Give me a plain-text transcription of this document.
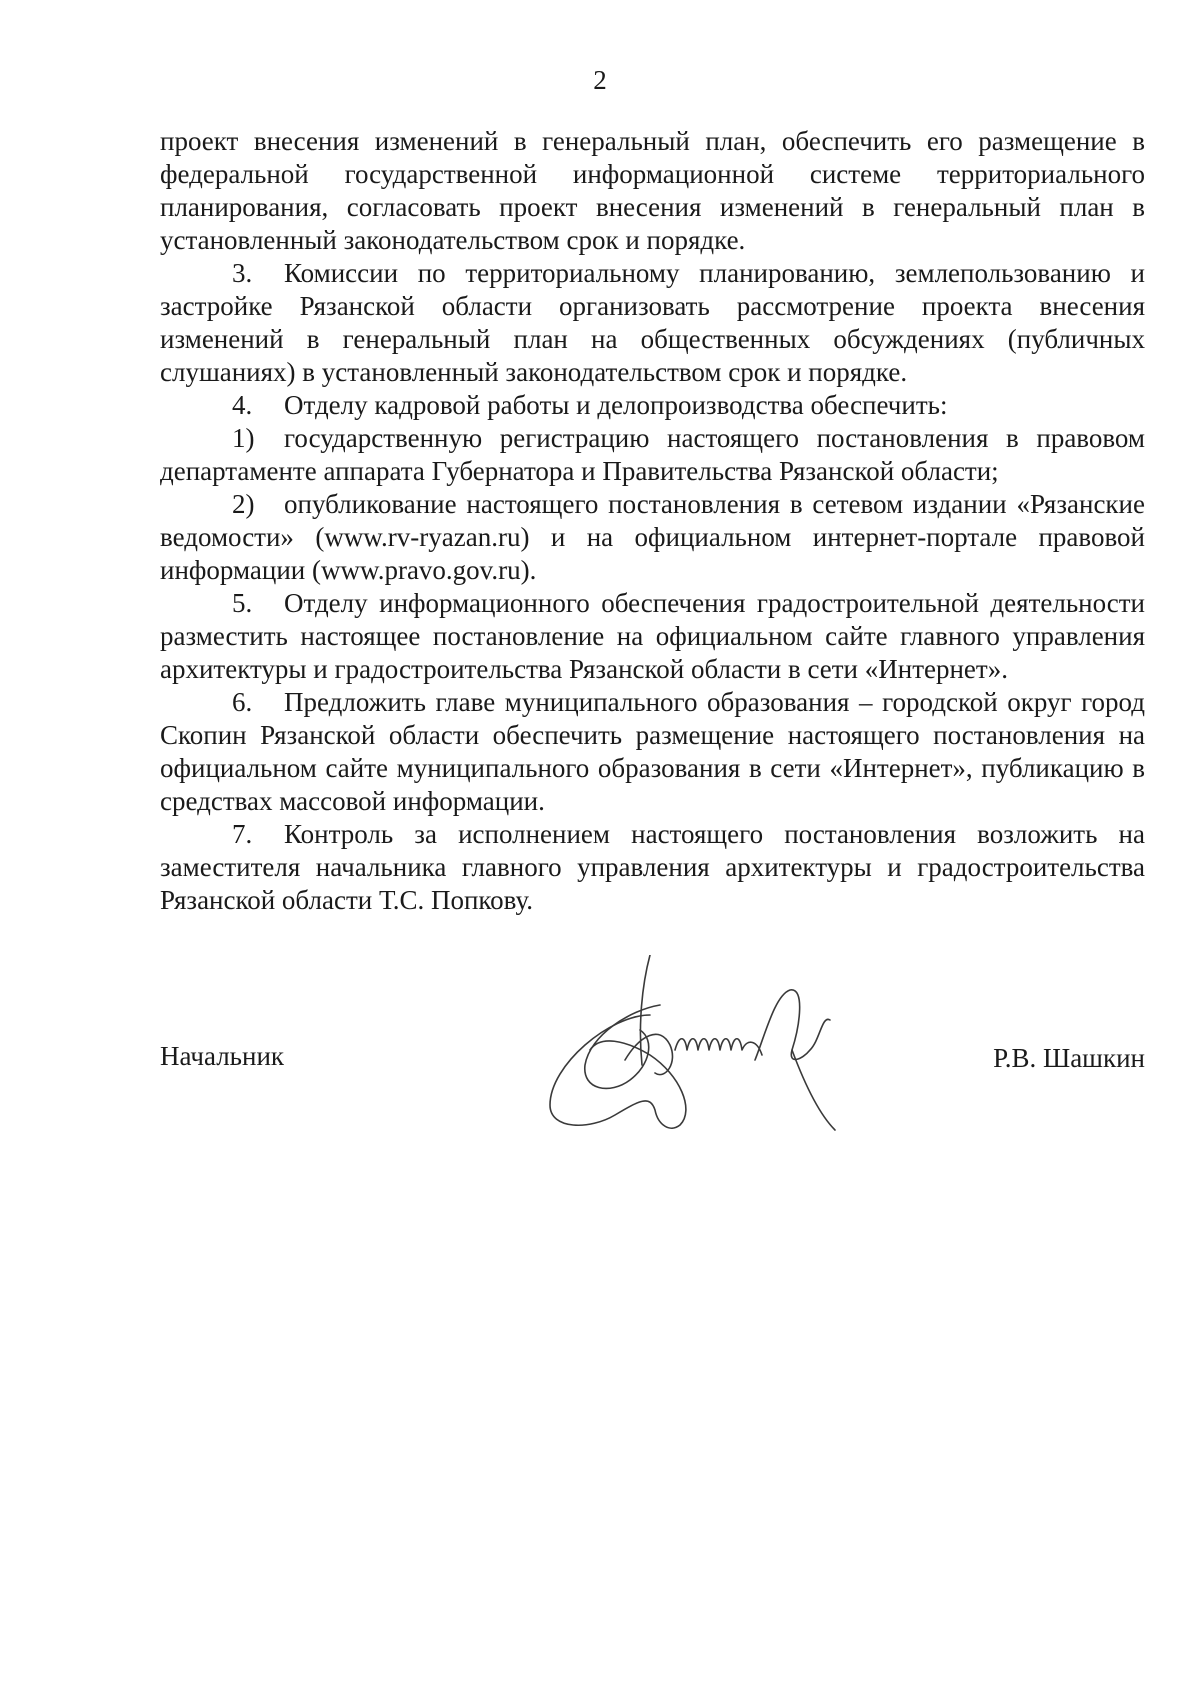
2

проект внесения изменений в генеральный план, обеспечить его размещение в федеральной государственной информационной системе территориального планирования, согласовать проект внесения изменений в генеральный план в установленный законодательством срок и порядке.

3. Комиссии по территориальному планированию, землепользованию и застройке Рязанской области организовать рассмотрение проекта внесения изменений в генеральный план на общественных обсуждениях (публичных слушаниях) в установленный законодательством срок и порядке.

4. Отделу кадровой работы и делопроизводства обеспечить:

1) государственную регистрацию настоящего постановления в правовом департаменте аппарата Губернатора и Правительства Рязанской области;

2) опубликование настоящего постановления в сетевом издании «Рязанские ведомости» (www.rv-ryazan.ru) и на официальном интернет-портале правовой информации (www.pravo.gov.ru).

5. Отделу информационного обеспечения градостроительной деятельности разместить настоящее постановление на официальном сайте главного управления архитектуры и градостроительства Рязанской области в сети «Интернет».

6. Предложить главе муниципального образования – городской округ город Скопин Рязанской области обеспечить размещение настоящего постановления на официальном сайте муниципального образования в сети «Интернет», публикацию в средствах массовой информации.

7. Контроль за исполнением настоящего постановления возложить на заместителя начальника главного управления архитектуры и градостроительства Рязанской области Т.С. Попкову.

Начальник	Р.В. Шашкин
